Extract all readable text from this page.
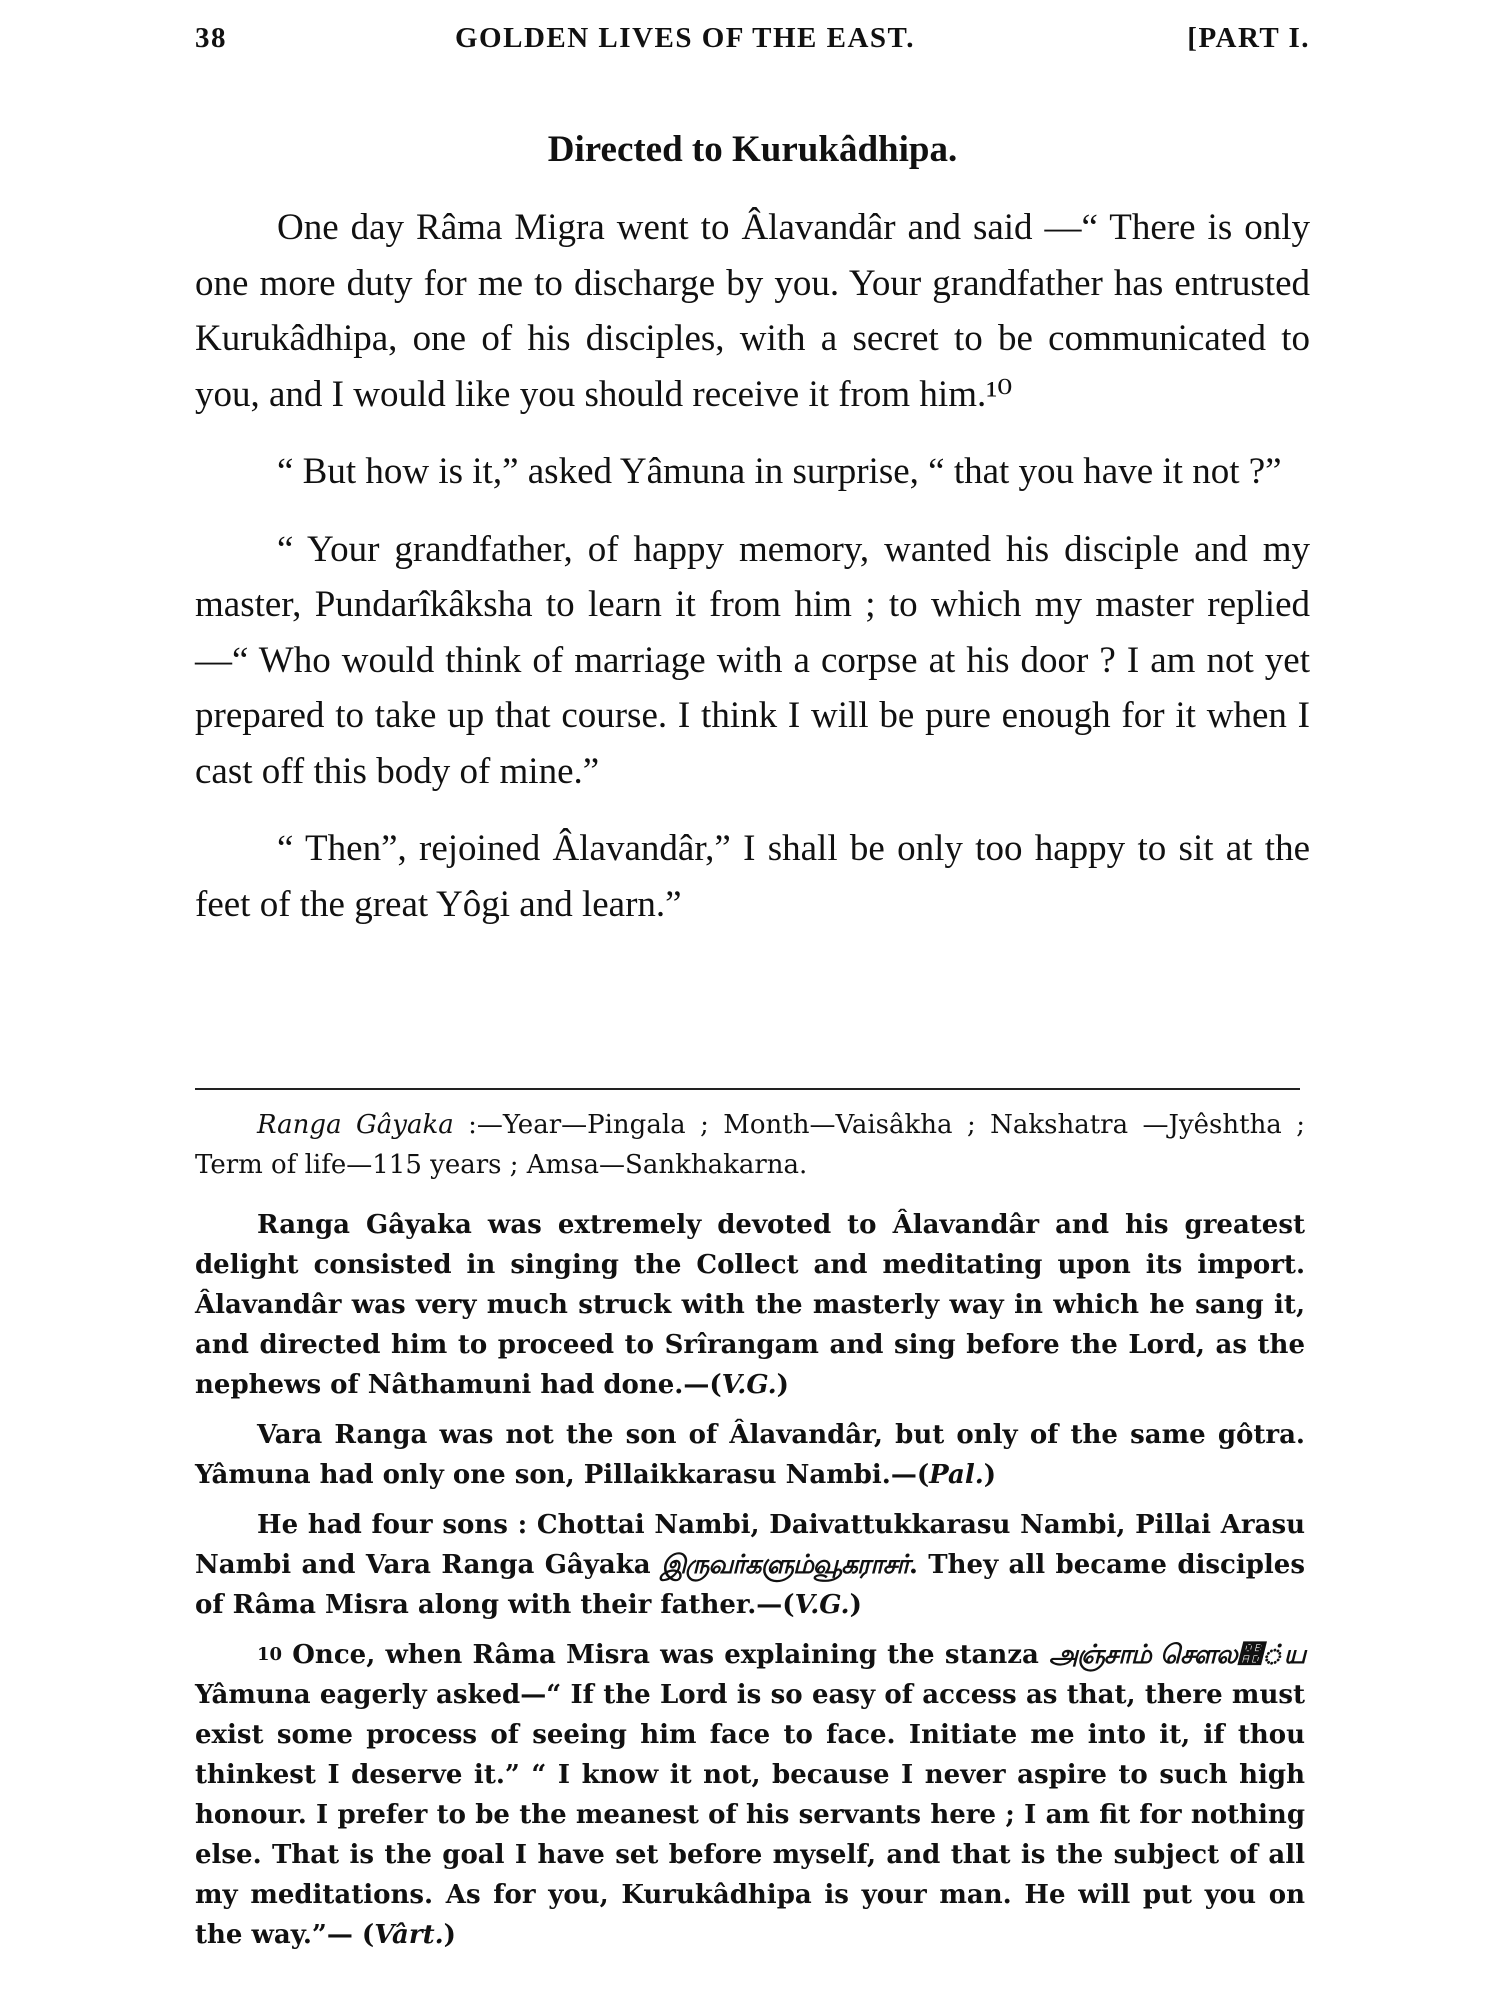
38	GOLDEN LIVES OF THE EAST.	[PART I.
Directed to Kurukâdhipa.

One day Râma Migra went to Âlavandâr and said —“ There is only one more duty for me to discharge by you. Your grandfather has entrusted Kurukâdhipa, one of his disciples, with a secret to be communicated to you, and I would like you should receive it from him.¹⁰

“ But how is it,” asked Yâmuna in surprise, “ that you have it not ?”

“ Your grandfather, of happy memory, wanted his disciple and my master, Pundarîkâksha to learn it from him ; to which my master replied—“ Who would think of marriage with a corpse at his door ? I am not yet prepared to take up that course. I think I will be pure enough for it when I cast off this body of mine.”

“ Then”, rejoined Âlavandâr,” I shall be only too happy to sit at the feet of the great Yôgi and learn.”

Ranga Gâyaka :—Year—Pingala ; Month—Vaisâkha ; Nakshatra —Jyêshtha ; Term of life—115 years ; Amsa—Sankhakarna.

Ranga Gâyaka was extremely devoted to Âlavandâr and his greatest delight consisted in singing the Collect and meditating upon its import. Âlavandâr was very much struck with the masterly way in which he sang it, and directed him to proceed to Srîrangam and sing before the Lord, as the nephews of Nâthamuni had done.—(V.G.)

Vara Ranga was not the son of Âlavandâr, but only of the same gôtra. Yâmuna had only one son, Pillaikkarasu Nambi.—(Pal.)

He had four sons : Chottai Nambi, Daivattukkarasu Nambi, Pillai Arasu Nambi and Vara Ranga Gâyaka இருவர்களும்வூகராசர். They all became disciples of Râma Misra along with their father.—(V.G.)

$^{10}$ Once, when Râma Misra was explaining the stanza அஞ்சாம் செளல஭்ய Yâmuna eagerly asked—“ If the Lord is so easy of access as that, there must exist some process of seeing him face to face. Initiate me into it, if thou thinkest I deserve it.” “ I know it not, because I never aspire to such high honour. I prefer to be the meanest of his servants here ; I am fit for nothing else. That is the goal I have set before myself, and that is the subject of all my meditations. As for you, Kurukâdhipa is your man. He will put you on the way.”— (Vârt.)
